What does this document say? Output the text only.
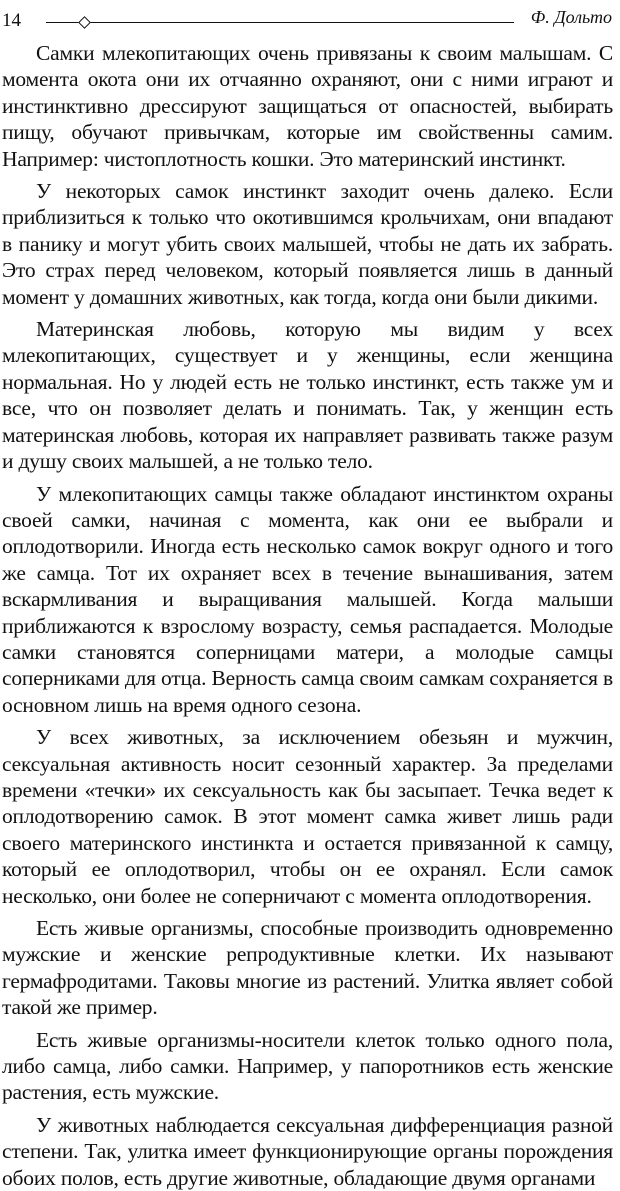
14	Ф. Дольто

Самки млекопитающих очень привязаны к своим малышам. С момента окота они их отчаянно охраняют, они с ними играют и инстинктивно дрессируют защищаться от опасностей, выбирать пищу, обучают привычкам, которые им свойственны самим. Например: чистоплотность кошки. Это материнский инстинкт.

У некоторых самок инстинкт заходит очень далеко. Если приблизиться к только что окотившимся крольчихам, они впадают в панику и могут убить своих малышей, чтобы не дать их забрать. Это страх перед человеком, который появляется лишь в данный момент у домашних животных, как тогда, когда они были дикими.

Материнская любовь, которую мы видим у всех млекопитающих, существует и у женщины, если женщина нормальная. Но у людей есть не только инстинкт, есть также ум и все, что он позволяет делать и понимать. Так, у женщин есть материнская любовь, которая их направляет развивать также разум и душу своих малышей, а не только тело.

У млекопитающих самцы также обладают инстинктом охраны своей самки, начиная с момента, как они ее выбрали и оплодотворили. Иногда есть несколько самок вокруг одного и того же самца. Тот их охраняет всех в течение вынашивания, затем вскармливания и выращивания малышей. Когда малыши приближаются к взрослому возрасту, семья распадается. Молодые самки становятся соперницами матери, а молодые самцы соперниками для отца. Верность самца своим самкам сохраняется в основном лишь на время одного сезона.

У всех животных, за исключением обезьян и мужчин, сексуальная активность носит сезонный характер. За пределами времени «течки» их сексуальность как бы засыпает. Течка ведет к оплодотворению самок. В этот момент самка живет лишь ради своего материнского инстинкта и остается привязанной к самцу, который ее оплодотворил, чтобы он ее охранял. Если самок несколько, они более не соперничают с момента оплодотворения.

Есть живые организмы, способные производить одновременно мужские и женские репродуктивные клетки. Их называют гермафродитами. Таковы многие из растений. Улитка являет собой такой же пример.

Есть живые организмы-носители клеток только одного пола, либо самца, либо самки. Например, у папоротников есть женские растения, есть мужские.

У животных наблюдается сексуальная дифференциация разной степени. Так, улитка имеет функционирующие органы порождения обоих полов, есть другие животные, обладающие двумя органами
